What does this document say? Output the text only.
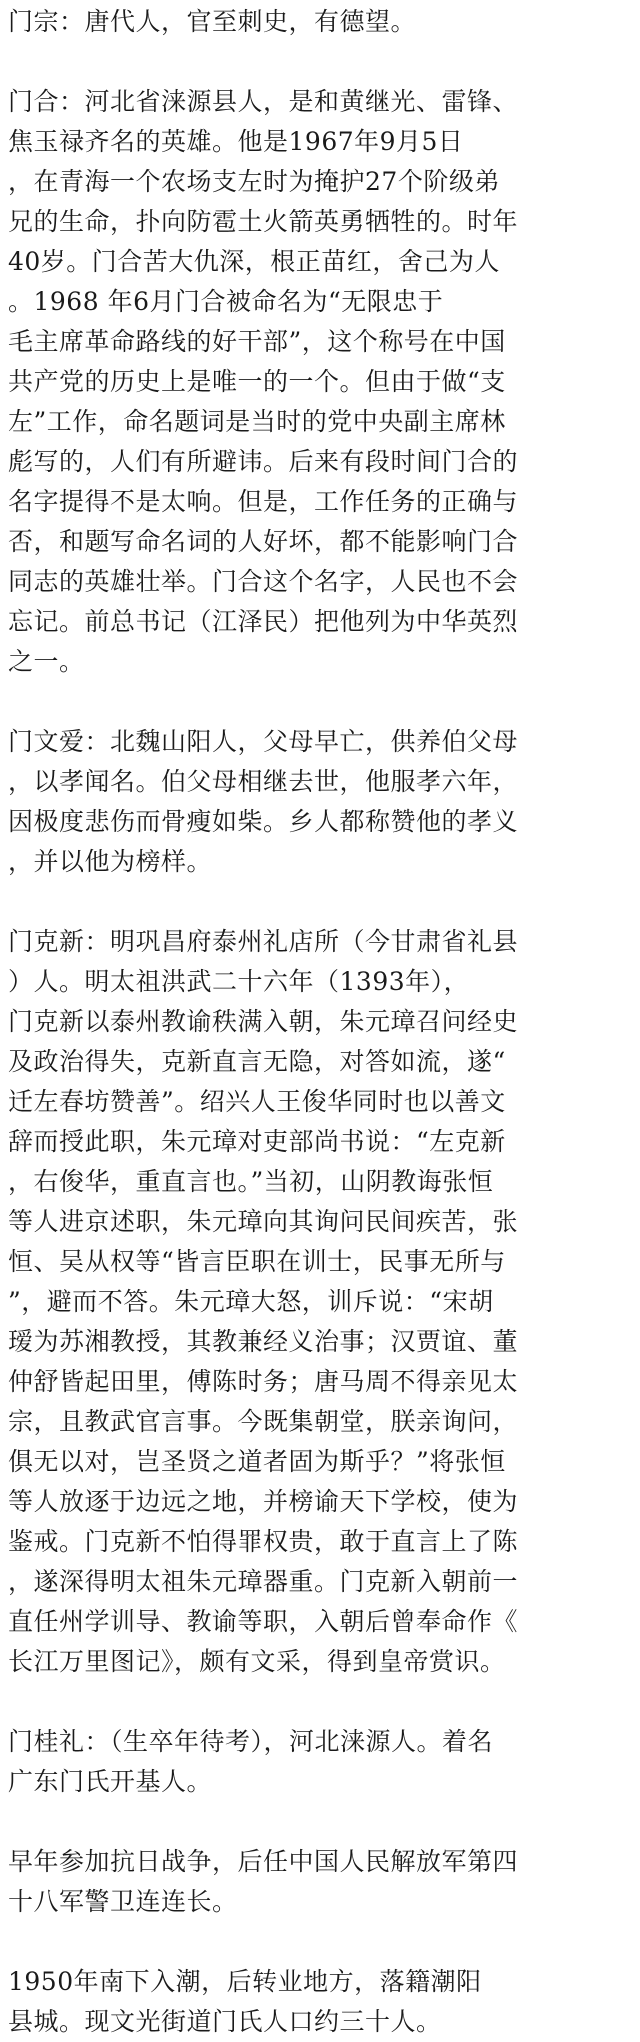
门宗：唐代人，官至刺史，有德望。
门合：河北省涞源县人，是和黄继光、雷锋、
焦玉禄齐名的英雄。他是1967年9月5日
，在青海一个农场支左时为掩护27个阶级弟
兄的生命，扑向防雹土火箭英勇牺牲的。时年
40岁。门合苦大仇深，根正苗红，舍己为人
。1968 年6月门合被命名为“无限忠于
毛主席革命路线的好干部”，这个称号在中国
共产党的历史上是唯一的一个。但由于做“支
左”工作，命名题词是当时的党中央副主席林
彪写的，人们有所避讳。后来有段时间门合的
名字提得不是太响。但是，工作任务的正确与
否，和题写命名词的人好坏，都不能影响门合
同志的英雄壮举。门合这个名字，人民也不会
忘记。前总书记（江泽民）把他列为中华英烈
之一。
门文爱：北魏山阳人，父母早亡，供养伯父母
，以孝闻名。伯父母相继去世，他服孝六年，
因极度悲伤而骨瘦如柴。乡人都称赞他的孝义
，并以他为榜样。
门克新：明巩昌府泰州礼店所（今甘肃省礼县
）人。明太祖洪武二十六年（1393年），
门克新以泰州教谕秩满入朝，朱元璋召问经史
及政治得失，克新直言无隐，对答如流，遂“
迁左春坊赞善”。绍兴人王俊华同时也以善文
辞而授此职，朱元璋对吏部尚书说：“左克新
，右俊华，重直言也。”当初，山阴教诲张恒
等人进京述职，朱元璋向其询问民间疾苦，张
恒、吴从权等“皆言臣职在训士，民事无所与
”，避而不答。朱元璋大怒，训斥说：“宋胡
瑷为苏湘教授，其教兼经义治事；汉贾谊、董
仲舒皆起田里，傅陈时务；唐马周不得亲见太
宗，且教武官言事。今既集朝堂，朕亲询问，
俱无以对，岂圣贤之道者固为斯乎？”将张恒
等人放逐于边远之地，并榜谕天下学校，使为
鉴戒。门克新不怕得罪权贵，敢于直言上了陈
，遂深得明太祖朱元璋器重。门克新入朝前一
直任州学训导、教谕等职，入朝后曾奉命作《
长江万里图记》，颇有文采，得到皇帝赏识。
门桂礼：（生卒年待考），河北涞源人。着名
广东门氏开基人。
早年参加抗日战争，后任中国人民解放军第四
十八军警卫连连长。
1950年南下入潮，后转业地方，落籍潮阳
县城。现文光街道门氏人口约三十人。
